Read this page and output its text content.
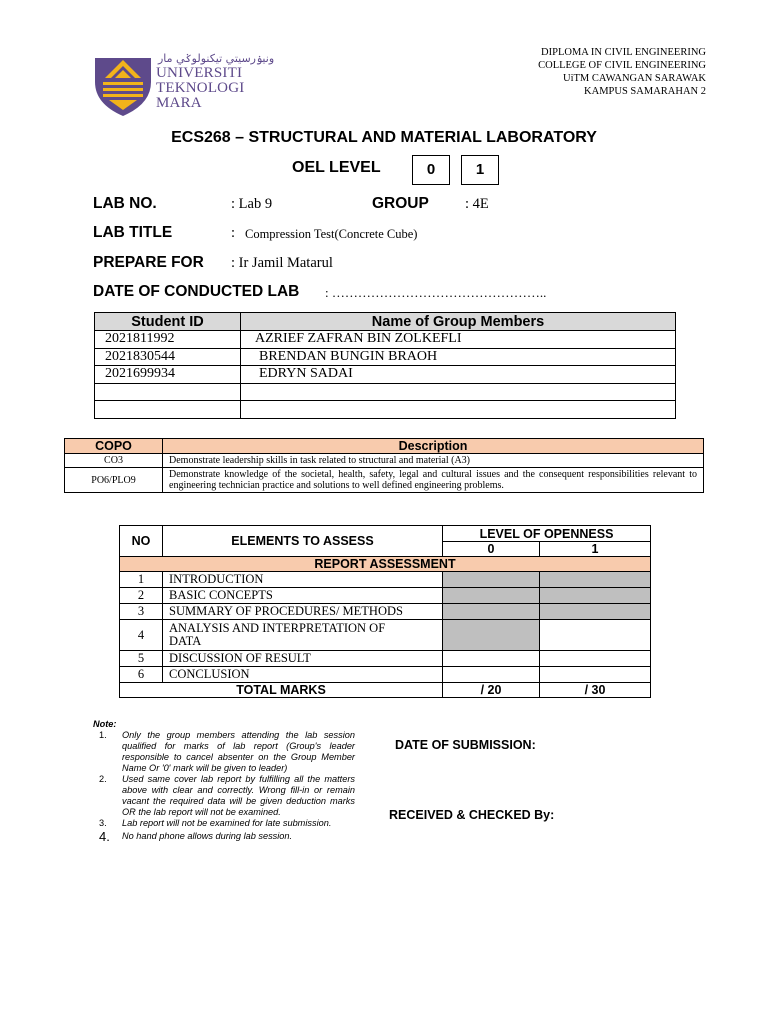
ونيۏرسيتي تيكنولوݢي مار
UNIVERSITI
TEKNOLOGI
MARA
DIPLOMA IN CIVIL ENGINEERING
COLLEGE OF CIVIL ENGINEERING
UiTM CAWANGAN SARAWAK
KAMPUS SAMARAHAN 2
ECS268 – STRUCTURAL AND MATERIAL LABORATORY
OEL LEVEL	0	1
LAB NO.	: Lab 9	GROUP : 4E
LAB TITLE	: Compression Test(Concrete Cube)
PREPARE FOR : Ir Jamil Matarul
DATE OF CONDUCTED LAB : …………………………………………..
Student ID	Name of Group Members
2021811992	AZRIEF ZAFRAN BIN ZOLKEFLI
2021830544	BRENDAN BUNGIN BRAOH
2021699934	EDRYN SADAI

COPO	Description
CO3	Demonstrate leadership skills in task related to structural and material (A3)
PO6/PLO9	Demonstrate knowledge of the societal, health, safety, legal and cultural issues and the consequent responsibilities relevant to engineering technician practice and solutions to well defined engineering problems.
NO	ELEMENTS TO ASSESS	LEVEL OF OPENNESS	
		0	1
REPORT ASSESSMENT			
1	INTRODUCTION		
2	BASIC CONCEPTS		
3	SUMMARY OF PROCEDURES/ METHODS		
4	ANALYSIS AND INTERPRETATION OF DATA		
5	DISCUSSION OF RESULT		
6	CONCLUSION		
TOTAL MARKS		/ 20	/ 30
Note:
1. Only the group members attending the lab session qualified for marks of lab report (Group's leader responsible to cancel absenter on the Group Member Name Or '0' mark will be given to leader)
2. Used same cover lab report by fulfilling all the matters above with clear and correctly. Wrong fill-in or remain vacant the required data will be given deduction marks OR the lab report will not be examined.
3. Lab report will not be examined for late submission.
4. No hand phone allows during lab session.
DATE OF SUBMISSION:
RECEIVED & CHECKED By:
